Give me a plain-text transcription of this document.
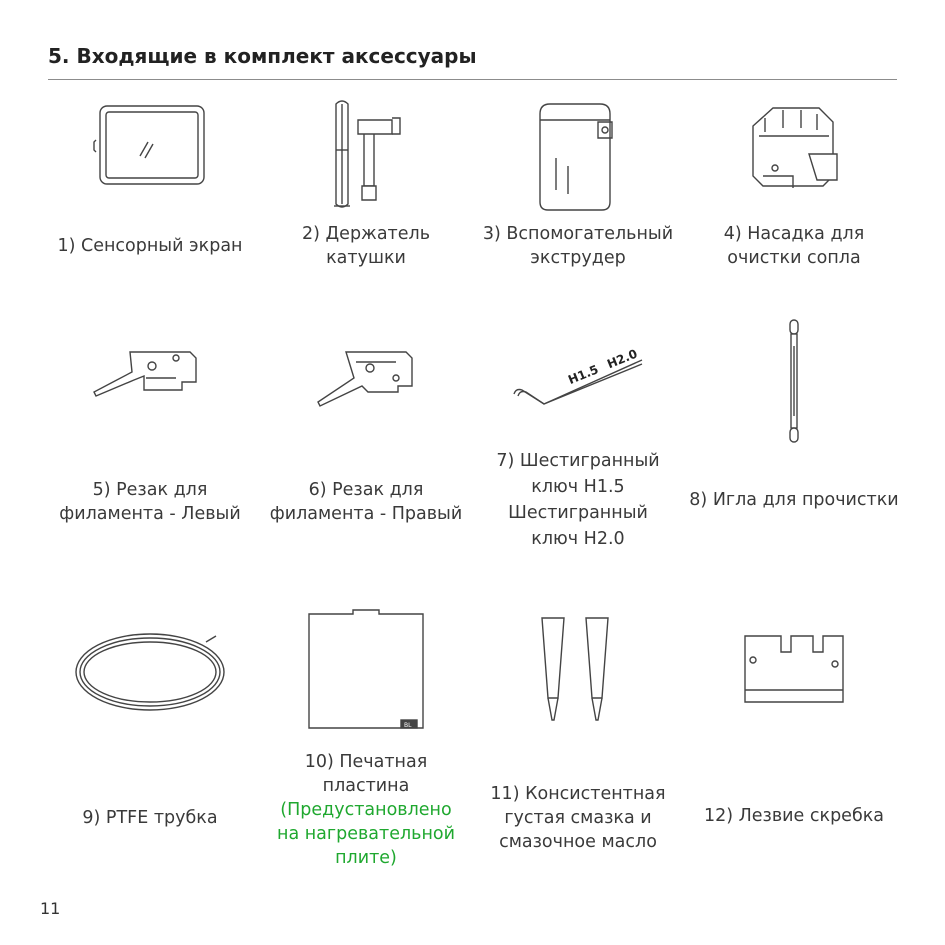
5. Входящие в комплект аксессуары
1) Сенсорный экран
2) Держатель
катушки
3) Вспомогательный
экструдер
4) Насадка для
очистки сопла
5) Резак для
филамента - Левый
6) Резак для
филамента - Правый
H1.5
H2.0
7) Шестигранный
ключ H1.5
Шестигранный
ключ H2.0
8) Игла для прочистки
9) PTFE трубка
BL
10) Печатная
пластина
(Предустановлено
на нагревательной
плите)
11) Консистентная
густая смазка и
смазочное масло
12) Лезвие скребка
11
